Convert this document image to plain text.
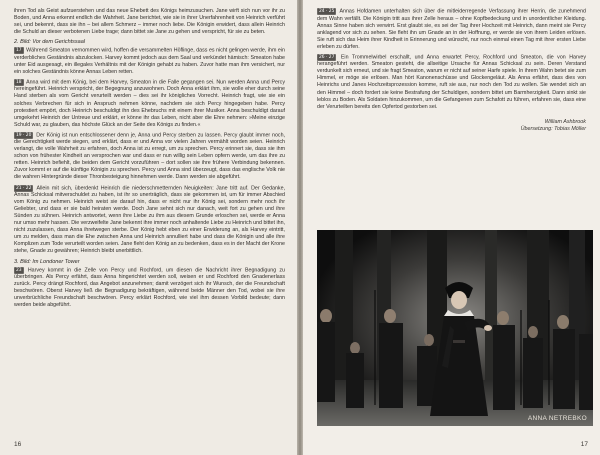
ihren Tod als Geist aufzuerstehen und das neue Ehebett des Königs heimzusuchen. Jane wirft sich nun vor ihr zu Boden, und Anna erkennt endlich die Wahrheit. Jane berichtet, wie sie in ihrer Unerfahrenheit von Heinrich verführt sei, und bekennt, dass sie ihn – bei allem Schmerz – immer noch liebe. Die Königin erwidert, dass allein Heinrich die Schuld an dieser verbotenen Liebe trage; dann bittet sie Jane zu gehen und verspricht, für sie zu beten.

2. Bild: Vor dem Gerichtssaal

17 Während Smeaton vernommen wird, hoffen die versammelten Höflinge, dass es nicht gelingen werde, ihm ein verderbliches Geständnis abzulocken. Harvey kommt jedoch aus dem Saal und verkündet hämisch: Smeaton habe unter Eid ausgesagt, ein illegales Verhältnis mit der Königin gehabt zu haben. Zuvor hatte man ihm versichert, nur ein solches Geständnis könne Annas Leben retten.

18 Anna wird mit dem König, bei dem Harvey, Smeaton in die Falle gegangen sei. Nun werden Anna und Percy hereingeführt. Heinrich verspricht, der Begegnung anzuwohnen. Doch Anna erklärt ihm, sie wolle eher durch seine Hand sterben als vom Gericht verurteilt werden – dies sei ihr königliches Vorrecht. Heinrich fragt, wie sie ein solches Verbrechen für sich in Anspruch nehmen könne, nachdem sie sich Percy hingegeben habe. Percy protestiert empört, doch Heinrich beschuldigt ihn des Ehebruchs mit einem ihrer Musiker. Anna beschuldigt darauf umgekehrt Heinrich der Untreue und erklärt, er könne ihr das Leben, nicht aber die Ehre nehmen: »Meine einzige Schuld war, zu glauben, das höchste Glück an der Seite des Königs zu finden.«

19 · 20 Der König ist nun entschlossener denn je, Anna und Percy sterben zu lassen. Percy glaubt immer noch, die Gerechtigkeit werde siegen, und erklärt, dass er und Anna vor vielen Jahren vermählt worden seien. Heinrich verlangt, die volle Wahrheit zu erfahren, doch Anna ist zu erregt, um zu sprechen. Percy erinnert sie, dass sie ihm schon von frühester Kindheit an versprochen war und dass er nun willig sein Leben opfern werde, um das ihre zu retten. Heinrich befiehlt, die beiden dem Gericht vorzuführen – dort sollen sie ihre frühere Verbindung bekennen. Zuvor kommt er auf die künftige Königin zu sprechen. Percy und Anna sind überzeugt, dass das englische Volk nie die wahren Hintergründe dieser Thronbesteigung hinnehmen werde. Dann werden sie abgeführt.

21 · 22 Allein mit sich, überdenkt Heinrich die niederschmetternden Neuigkeiten: Jane tritt auf. Der Gedanke, Annas Schicksal mitverschuldet zu haben, ist ihr so unerträglich, dass sie gekommen ist, um für immer Abschied vom König zu nehmen. Heinrich weist sie darauf hin, dass er nicht nur ihr König sei, sondern mehr noch ihr Geliebter, und dass er sie bald heiraten werde. Doch Jane sehnt sich nur danach, weit fort zu gehen und ihre Sünden zu sühnen. Heinrich antwortet, wenn ihre Liebe zu ihm aus diesem Grunde erloschen sei, werde er Anna nur umso mehr hassen. Die verzweifelte Jane bekennt ihre immer noch anhaltende Liebe zu Heinrich und bittet ihn, nicht zuzulassen, dass Anna ihretwegen sterbe. Der König hebt eben zu einer Erwiderung an, als Harvey eintritt, um zu melden, dass man die Ehe zwischen Anna und Heinrich annulliert habe und dass die Königin und alle ihre Komplizen zum Tode verurteilt worden seien. Jane fleht den König an zu bedenken, dass es in der Macht der Krone stehe, Gnade zu gewähren; Heinrich bleibt unerbittlich.

3. Bild: Im Londoner Tower

23 Harvey kommt in die Zelle von Percy und Rochford, um diesen die Nachricht ihrer Begnadigung zu überbringen. Als Percy erfährt, dass Anna hingerichtet werden soll, weisen er und Rochford den Gnadenerlass zurück. Percy drängt Rochford, das Angebot anzunehmen; damit verzögert sich ihr Wunsch, der die Freundschaft beschwören. Oberst Harvey ließ die Begnadigung bekräftigen, während beide Männer den Tod, wobei sie ihre unverbrüchliche Freundschaft beschwören. Percy erklärt Rochford, wie viel ihm dessen Vorbild bedeute; dann werden beide abgeführt.

16

24 · 25 Annas Hofdamen unterhalten sich über die mitleiderregende Verfassung ihrer Herrin, die zunehmend dem Wahn verfällt. Die Königin tritt aus ihrer Zelle heraus – ohne Kopfbedeckung und in unordentlicher Kleidung. Annas Sinne haben sich verwirrt. Erst glaubt sie, es sei der Tag ihrer Hochzeit mit Heinrich, dann meint sie Percy anklagend vor sich zu sehen. Sie fleht ihn um Gnade an in der Hoffnung, er werde sie von ihrem Leiden erlösen. Sie ruft sich das Heim ihrer Kindheit in Erinnerung und wünscht, nur noch einmal einen Tag mit ihrer ersten Liebe erleben zu dürfen.

26 · 27 Ein Trommelwirbel erschallt, und Anna erwartet Percy, Rochford und Smeaton, die von Harvey herangeführt werden. Smeaton gesteht, die allseitige Ursache für Annas Schicksal zu sein. Deren Verstand verdunkelt sich erneut, und sie fragt Smeaton, warum er nicht auf seiner Harfe spiele. In ihrem Wahn betet sie zum Himmel, er möge sie erlösen. Man hört Kanonenschüsse und Glockengeläut. Als Anna erfährt, dass dies von Heinrichs und Janes Hochzeitsprozession komme, ruft sie aus, nur noch den Tod zu wollen. Sie wendet sich an den Himmel – doch fordert sie keine Bestrafung der Schuldigen, sondern bittet um Barmherzigkeit. Dann sinkt sie leblos zu Boden. Als Soldaten hinzukommen, um die Gefangenen zum Schafott zu führen, erfahren sie, dass eine der Verurteilten bereits den Opfertod gestorben sei.

William Ashbrook
Übersetzung: Tobias Möller
ANNA NETREBKO
17
